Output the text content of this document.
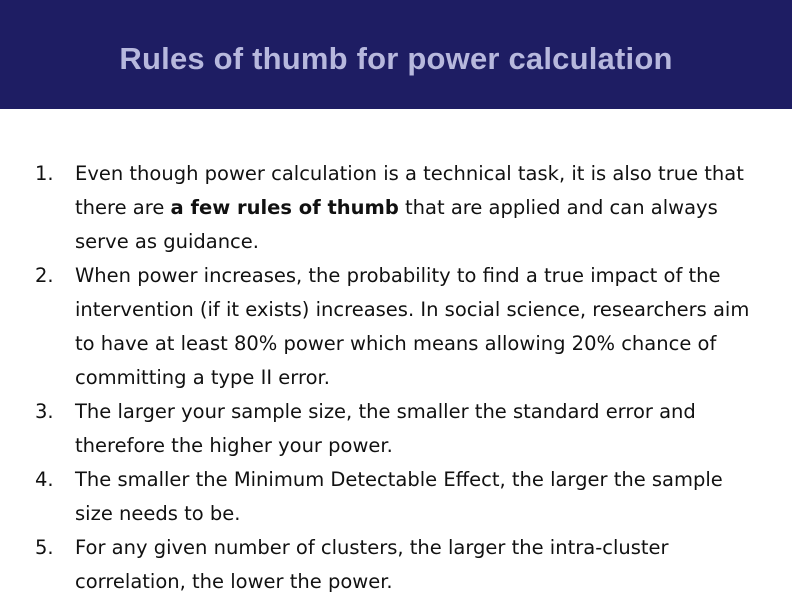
Rules of thumb for power calculation
1. Even though power calculation is a technical task, it is also true that there are a few rules of thumb that are applied and can always serve as guidance.
2. When power increases, the probability to find a true impact of the intervention (if it exists) increases. In social science, researchers aim to have at least 80% power which means allowing 20% chance of committing a type II error.
3. The larger your sample size, the smaller the standard error and therefore the higher your power.
4. The smaller the Minimum Detectable Effect, the larger the sample size needs to be.
5. For any given number of clusters, the larger the intra-cluster correlation, the lower the power.
